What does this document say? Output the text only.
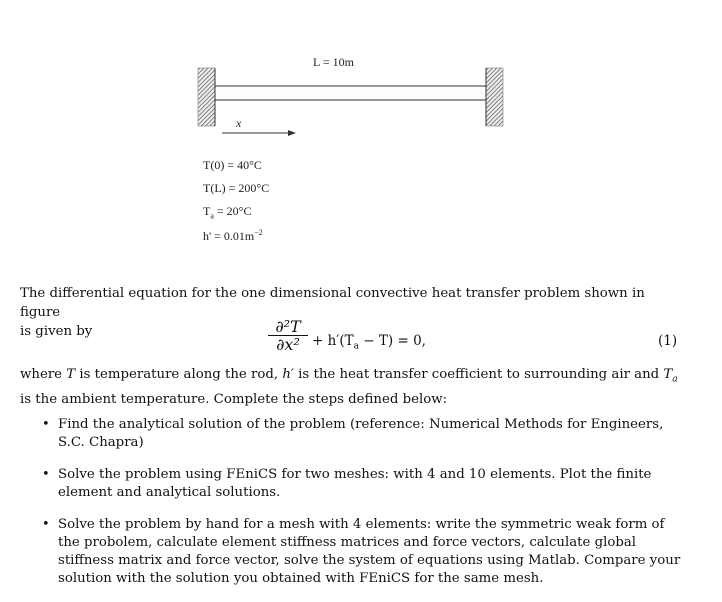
L = 10m
x
T(0) = 40°C
T(L) = 200°C
$T_a = 20^\circ C$
$h' = 0.01m^{-2}$

The differential equation for the one dimensional convective heat transfer problem shown in figure

is given by	$\frac{\text{∂²T}}{\text{∂x²}} + h'(T_a - T) = 0$,	(1)

where T is temperature along the rod, h′ is the heat transfer coefficient to surrounding air and $T_a$

is the ambient temperature. Complete the steps defined below:

• Find the analytical solution of the problem (reference: Numerical Methods for Engineers, S.C. Chapra)
• Solve the problem using FEniCS for two meshes: with 4 and 10 elements. Plot the finite element and analytical solutions.
• Solve the problem by hand for a mesh with 4 elements: write the symmetric weak form of the probolem, calculate element stiffness matrices and force vectors, calculate global stiffness matrix and force vector, solve the system of equations using Matlab. Compare your solution with the solution you obtained with FEniCS for the same mesh.
